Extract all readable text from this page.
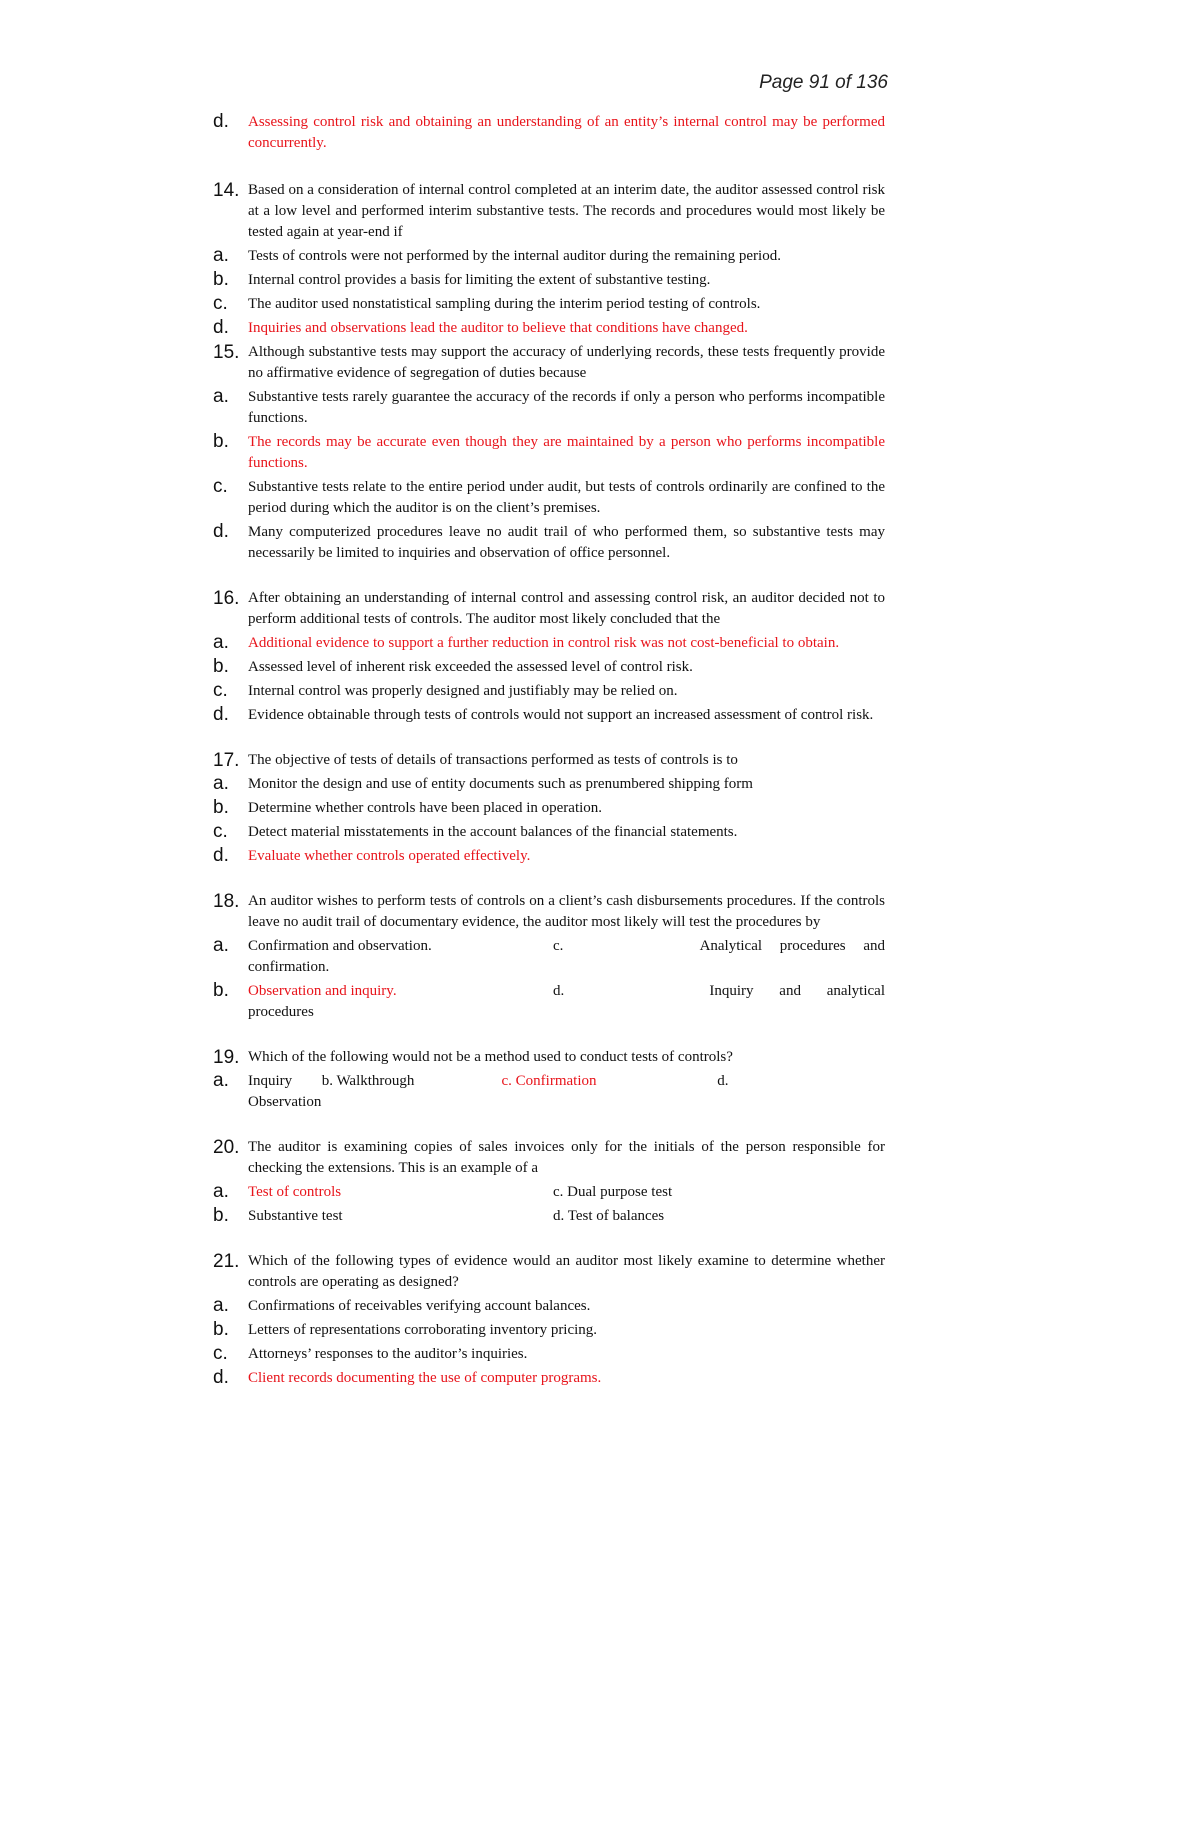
Page 91 of 136
d. Assessing control risk and obtaining an understanding of an entity’s internal control may be performed concurrently.
14. Based on a consideration of internal control completed at an interim date, the auditor assessed control risk at a low level and performed interim substantive tests. The records and procedures would most likely be tested again at year-end if
a. Tests of controls were not performed by the internal auditor during the remaining period.
b. Internal control provides a basis for limiting the extent of substantive testing.
c. The auditor used nonstatistical sampling during the interim period testing of controls.
d. Inquiries and observations lead the auditor to believe that conditions have changed.
15. Although substantive tests may support the accuracy of underlying records, these tests frequently provide no affirmative evidence of segregation of duties because
a. Substantive tests rarely guarantee the accuracy of the records if only a person who performs incompatible functions.
b. The records may be accurate even though they are maintained by a person who performs incompatible functions.
c. Substantive tests relate to the entire period under audit, but tests of controls ordinarily are confined to the period during which the auditor is on the client’s premises.
d. Many computerized procedures leave no audit trail of who performed them, so substantive tests may necessarily be limited to inquiries and observation of office personnel.
16. After obtaining an understanding of internal control and assessing control risk, an auditor decided not to perform additional tests of controls. The auditor most likely concluded that the
a. Additional evidence to support a further reduction in control risk was not cost-beneficial to obtain.
b. Assessed level of inherent risk exceeded the assessed level of control risk.
c. Internal control was properly designed and justifiably may be relied on.
d. Evidence obtainable through tests of controls would not support an increased assessment of control risk.
17. The objective of tests of details of transactions performed as tests of controls is to
a. Monitor the design and use of entity documents such as prenumbered shipping form
b. Determine whether controls have been placed in operation.
c. Detect material misstatements in the account balances of the financial statements.
d. Evaluate whether controls operated effectively.
18. An auditor wishes to perform tests of controls on a client’s cash disbursements procedures. If the controls leave no audit trail of documentary evidence, the auditor most likely will test the procedures by
a. Confirmation and observation.	c.	Analytical procedures and
confirmation.
b. Observation and inquiry.	d.	Inquiry and analytical
procedures
19. Which of the following would not be a method used to conduct tests of controls?
a. Inquiry b. Walkthrough	c. Confirmation	d.
Observation
20. The auditor is examining copies of sales invoices only for the initials of the person responsible for checking the extensions. This is an example of a
a. Test of controls	c. Dual purpose test
b. Substantive test	d. Test of balances
21. Which of the following types of evidence would an auditor most likely examine to determine whether controls are operating as designed?
a. Confirmations of receivables verifying account balances.
b. Letters of representations corroborating inventory pricing.
c. Attorneys’ responses to the auditor’s inquiries.
d. Client records documenting the use of computer programs.
